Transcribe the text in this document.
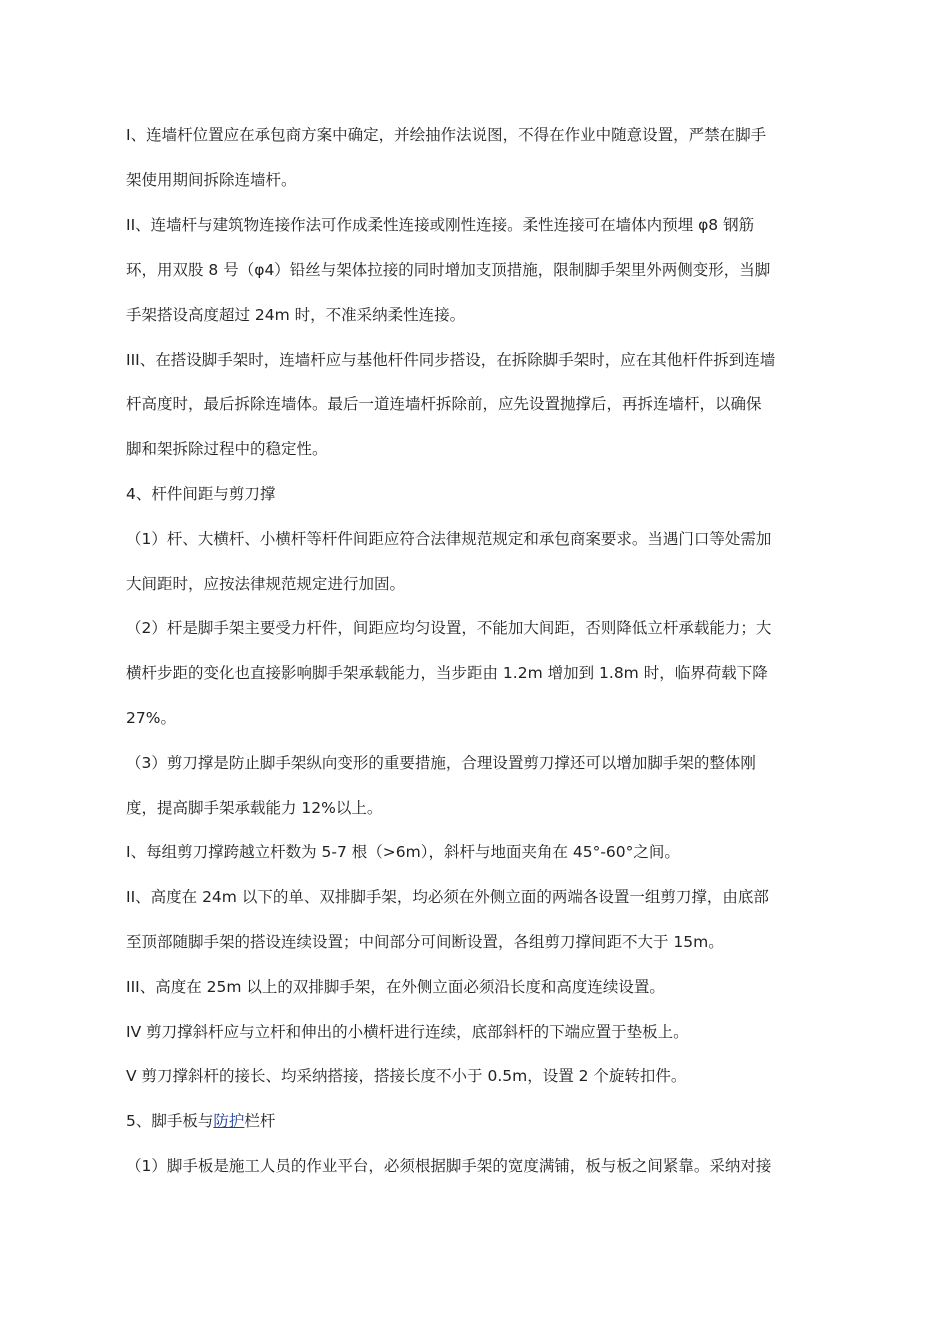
I、连墙杆位置应在承包商方案中确定，并绘抽作法说图，不得在作业中随意设置，严禁在脚手

架使用期间拆除连墙杆。

II、连墙杆与建筑物连接作法可作成柔性连接或刚性连接。柔性连接可在墙体内预埋 φ8 钢筋

环，用双股 8 号（φ4）铅丝与架体拉接的同时增加支顶措施，限制脚手架里外两侧变形，当脚

手架搭设高度超过 24m 时，不准采纳柔性连接。

III、在搭设脚手架时，连墙杆应与基他杆件同步搭设，在拆除脚手架时，应在其他杆件拆到连墙

杆高度时，最后拆除连墙体。最后一道连墙杆拆除前，应先设置抛撑后，再拆连墙杆，以确保

脚和架拆除过程中的稳定性。

4、杆件间距与剪刀撑

（1）杆、大横杆、小横杆等杆件间距应符合法律规范规定和承包商案要求。当遇门口等处需加

大间距时，应按法律规范规定进行加固。

（2）杆是脚手架主要受力杆件，间距应均匀设置，不能加大间距，否则降低立杆承载能力；大

横杆步距的变化也直接影响脚手架承载能力，当步距由 1.2m 增加到 1.8m 时，临界荷载下降

27%。

（3）剪刀撑是防止脚手架纵向变形的重要措施，合理设置剪刀撑还可以增加脚手架的整体刚

度，提高脚手架承载能力 12%以上。

I、每组剪刀撑跨越立杆数为 5-7 根（>6m），斜杆与地面夹角在 45°-60°之间。

II、高度在 24m 以下的单、双排脚手架，均必须在外侧立面的两端各设置一组剪刀撑，由底部

至顶部随脚手架的搭设连续设置；中间部分可间断设置，各组剪刀撑间距不大于 15m。

III、高度在 25m 以上的双排脚手架，在外侧立面必须沿长度和高度连续设置。

IV 剪刀撑斜杆应与立杆和伸出的小横杆进行连续，底部斜杆的下端应置于垫板上。

V 剪刀撑斜杆的接长、均采纳搭接，搭接长度不小于 0.5m，设置 2 个旋转扣件。

5、脚手板与防护栏杆

（1）脚手板是施工人员的作业平台，必须根据脚手架的宽度满铺，板与板之间紧靠。采纳对接
